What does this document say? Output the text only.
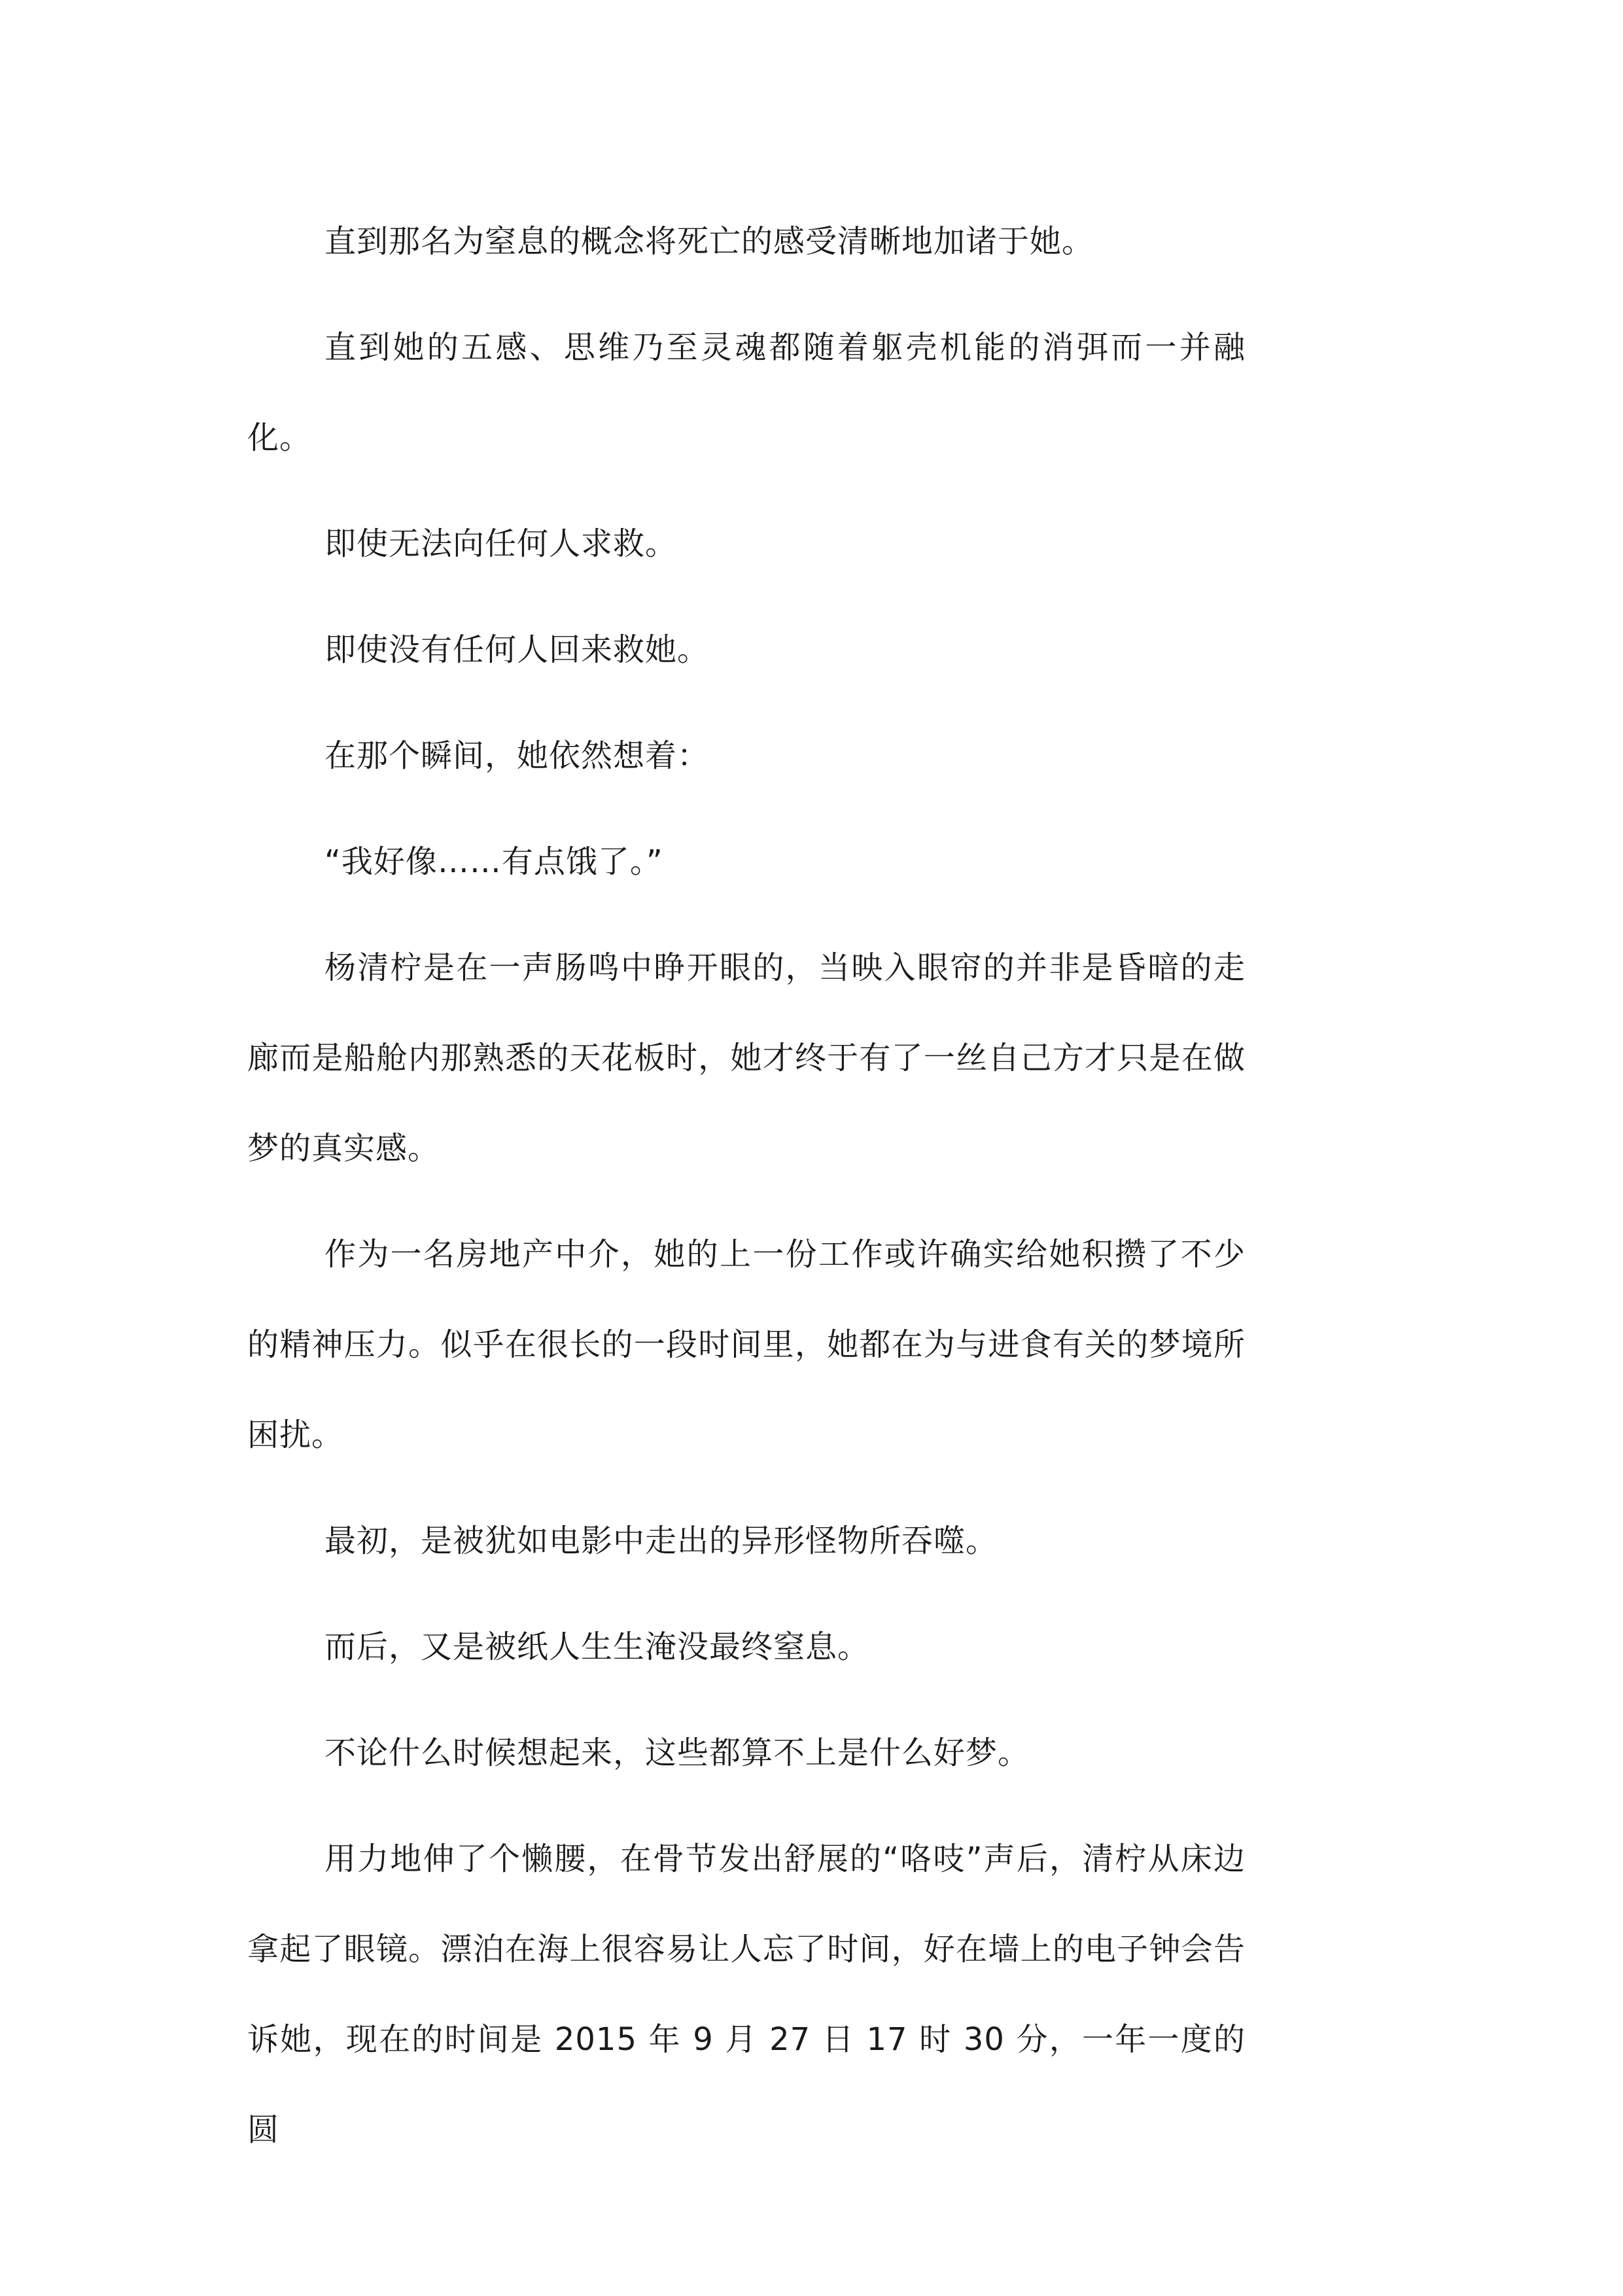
直到那名为窒息的概念将死亡的感受清晰地加诸于她。

直到她的五感、思维乃至灵魂都随着躯壳机能的消弭而一并融化。

即使无法向任何人求救。

即使没有任何人回来救她。

在那个瞬间，她依然想着：

“我好像……有点饿了。”

杨清柠是在一声肠鸣中睁开眼的，当映入眼帘的并非是昏暗的走廊而是船舱内那熟悉的天花板时，她才终于有了一丝自己方才只是在做梦的真实感。

作为一名房地产中介，她的上一份工作或许确实给她积攒了不少的精神压力。似乎在很长的一段时间里，她都在为与进食有关的梦境所困扰。

最初，是被犹如电影中走出的异形怪物所吞噬。

而后，又是被纸人生生淹没最终窒息。

不论什么时候想起来，这些都算不上是什么好梦。

用力地伸了个懒腰，在骨节发出舒展的“咯吱”声后，清柠从床边拿起了眼镜。漂泊在海上很容易让人忘了时间，好在墙上的电子钟会告诉她，现在的时间是 2015 年 9 月 27 日 17 时 30 分，一年一度的圆
